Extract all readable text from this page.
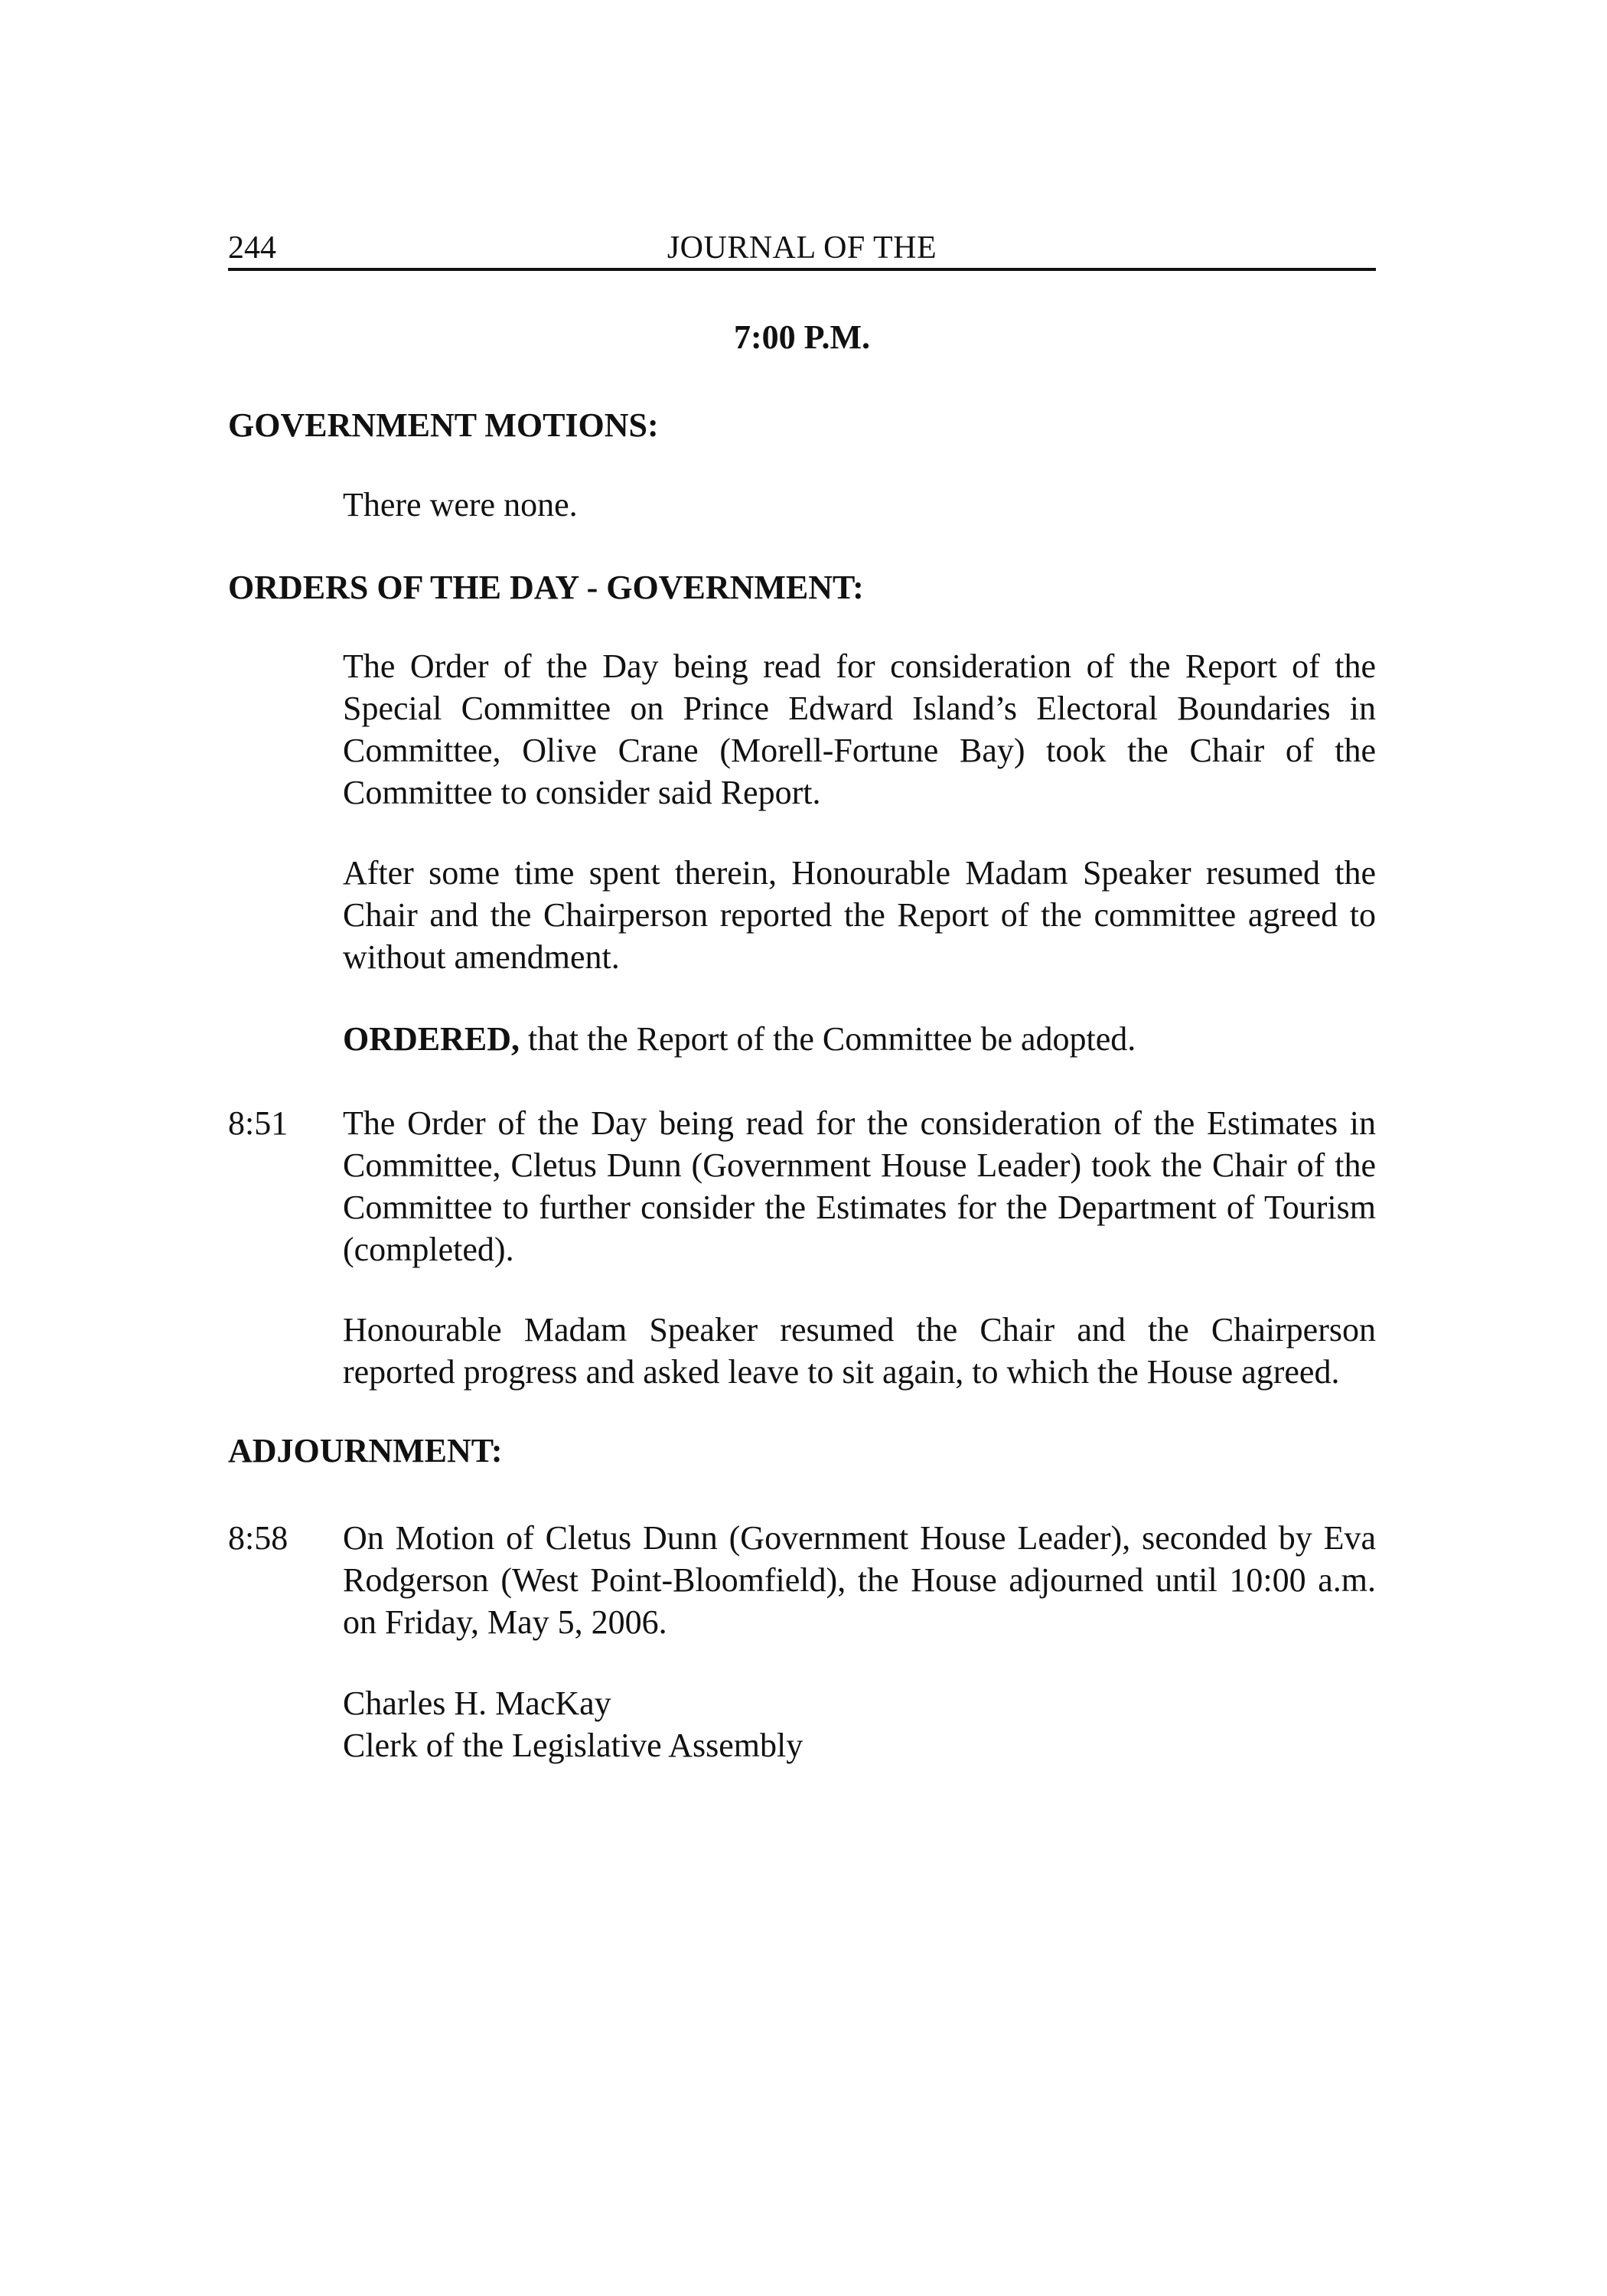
244	JOURNAL OF THE
7:00 P.M.
GOVERNMENT MOTIONS:

There were none.

ORDERS OF THE DAY - GOVERNMENT:

The Order of the Day being read for consideration of the Report of the Special Committee on Prince Edward Island’s Electoral Boundaries in Committee, Olive Crane (Morell-Fortune Bay) took the Chair of the Committee to consider said Report.

After some time spent therein, Honourable Madam Speaker resumed the Chair and the Chairperson reported the Report of the committee agreed to without amendment.

ORDERED, that the Report of the Committee be adopted.

8:51 The Order of the Day being read for the consideration of the Estimates in Committee, Cletus Dunn (Government House Leader) took the Chair of the Committee to further consider the Estimates for the Department of Tourism (completed).

Honourable Madam Speaker resumed the Chair and the Chairperson reported progress and asked leave to sit again, to which the House agreed.

ADJOURNMENT:
8:58 On Motion of Cletus Dunn (Government House Leader), seconded by Eva Rodgerson (West Point-Bloomfield), the House adjourned until 10:00 a.m. on Friday, May 5, 2006.

Charles H. MacKay
Clerk of the Legislative Assembly
